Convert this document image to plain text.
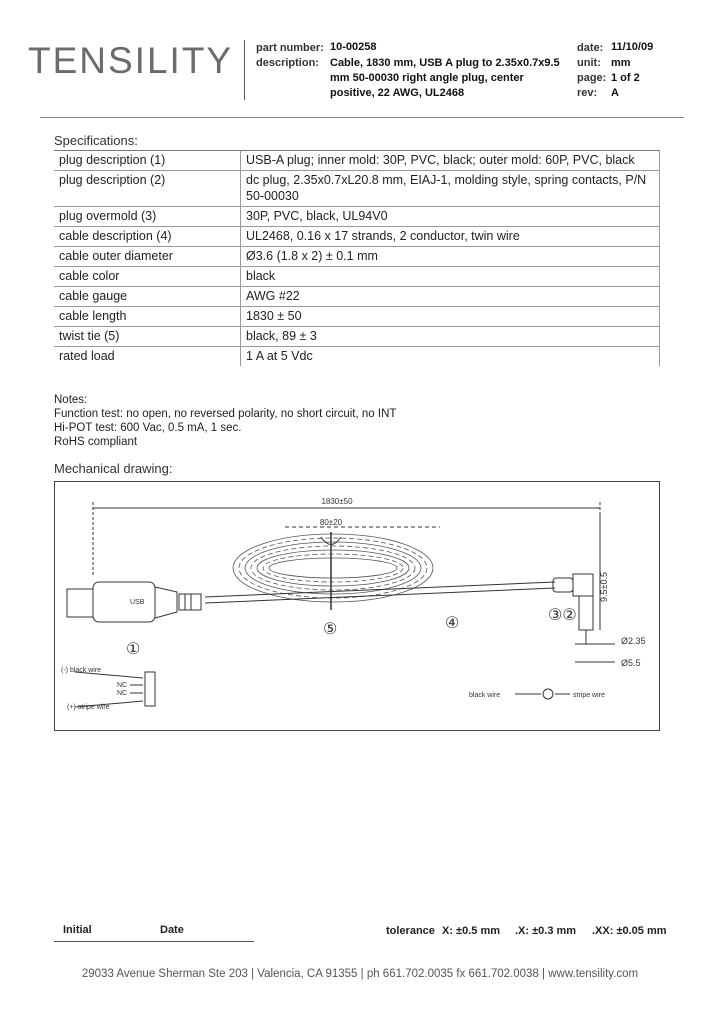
TENSILITY part number: 10-00258
description: Cable, 1830 mm, USB A plug to 2.35x0.7x9.5
mm 50-00030 right angle plug, center
positive, 22 AWG, UL2468
date: 11/10/09
unit: mm
page: 1 of 2
rev: A
Specifications:
plug description (1)	USB-A plug; inner mold: 30P, PVC, black; outer mold: 60P, PVC, black
plug description (2)	dc plug, 2.35x0.7xL20.8 mm, EIAJ-1, molding style, spring contacts, P/N 50-00030
plug overmold (3)	30P, PVC, black, UL94V0
cable description (4)	UL2468, 0.16 x 17 strands, 2 conductor, twin wire
cable outer diameter	Ø3.6 (1.8 x 2) ± 0.1 mm
cable color	black
cable gauge	AWG #22
cable length	1830 ± 50
twist tie (5)	black, 89 ± 3
rated load	1 A at 5 Vdc
Notes:
Function test: no open, no reversed polarity, no short circuit, no INT
Hi-POT test: 600 Vac, 0.5 mA, 1 sec.
RoHS compliant
Mechanical drawing:
1830±50
80±20
USB
①
⑤	④	③②
9.5±0.5
Ø2.35
Ø5.5
(-) black wire
NC
NC
(+) stripe wire
black wire	stripe wire
Initial	Date	tolerance X: ±0.5 mm .X: ±0.3 mm .XX: ±0.05 mm
29033 Avenue Sherman Ste 203 | Valencia, CA 91355 | ph 661.702.0035 fx 661.702.0038 | www.tensility.com
